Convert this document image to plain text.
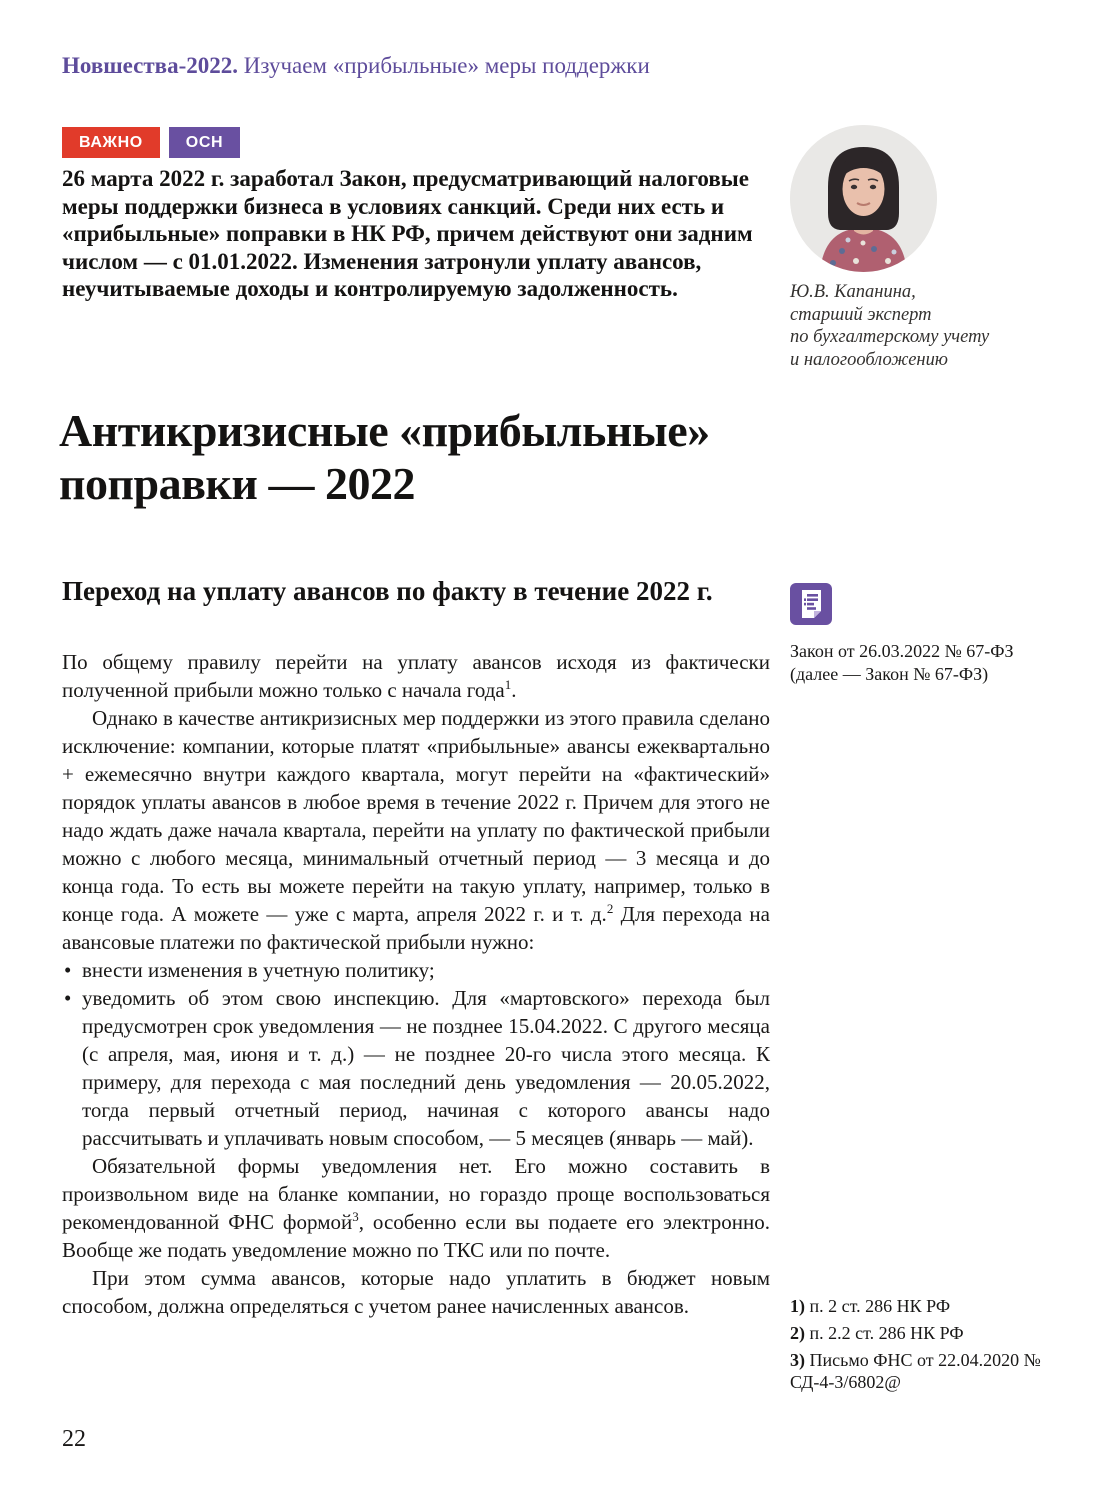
Новшества-2022. Изучаем «прибыльные» меры поддержки
ВАЖНО	ОСН
26 марта 2022 г. заработал Закон, предусматривающий налоговые меры поддержки бизнеса в условиях санкций. Среди них есть и «прибыльные» поправки в НК РФ, причем действуют они задним числом — с 01.01.2022. Изменения затронули уплату авансов, неучитываемые доходы и контролируемую задолженность.	Ю.В. Капанина,
старший эксперт
по бухгалтерскому учету
и налогообложению
Антикризисные «прибыльные»
поправки — 2022
Переход на уплату авансов по факту в течение 2022 г.

По общему правилу перейти на уплату авансов исходя из фактически полученной прибыли можно только с начала года$^1$.

Однако в качестве антикризисных мер поддержки из этого правила сделано исключение: компании, которые платят «прибыльные» авансы ежеквартально + ежемесячно внутри каждого квартала, могут перейти на «фактический» порядок уплаты авансов в любое время в течение 2022 г. Причем для этого не надо ждать даже начала квартала, перейти на уплату по фактической прибыли можно с любого месяца, минимальный отчетный период — 3 месяца и до конца года. То есть вы можете перейти на такую уплату, например, только в конце года. А можете — уже с марта, апреля 2022 г. и т. д.$^2$ Для перехода на авансовые платежи по фактической прибыли нужно:

• внести изменения в учетную политику;
• уведомить об этом свою инспекцию. Для «мартовского» перехода был предусмотрен срок уведомления — не позднее 15.04.2022. С другого месяца (с апреля, мая, июня и т. д.) — не позднее 20-го числа этого месяца. К примеру, для перехода с мая последний день уведомления — 20.05.2022, тогда первый отчетный период, начиная с которого авансы надо рассчитывать и уплачивать новым способом, — 5 месяцев (январь — май).

Обязательной формы уведомления нет. Его можно составить в произвольном виде на бланке компании, но гораздо проще воспользоваться рекомендованной ФНС формой$^3$, особенно если вы подаете его электронно. Вообще же подать уведомление можно по ТКС или по почте.

При этом сумма авансов, которые надо уплатить в бюджет новым способом, должна определяться с учетом ранее начисленных авансов.

Закон от 26.03.2022 № 67-ФЗ
(далее — Закон № 67-ФЗ)
1) п. 2 ст. 286 НК РФ
2) п. 2.2 ст. 286 НК РФ
3) Письмо ФНС от 22.04.2020 № СД-4-3/6802@
22
